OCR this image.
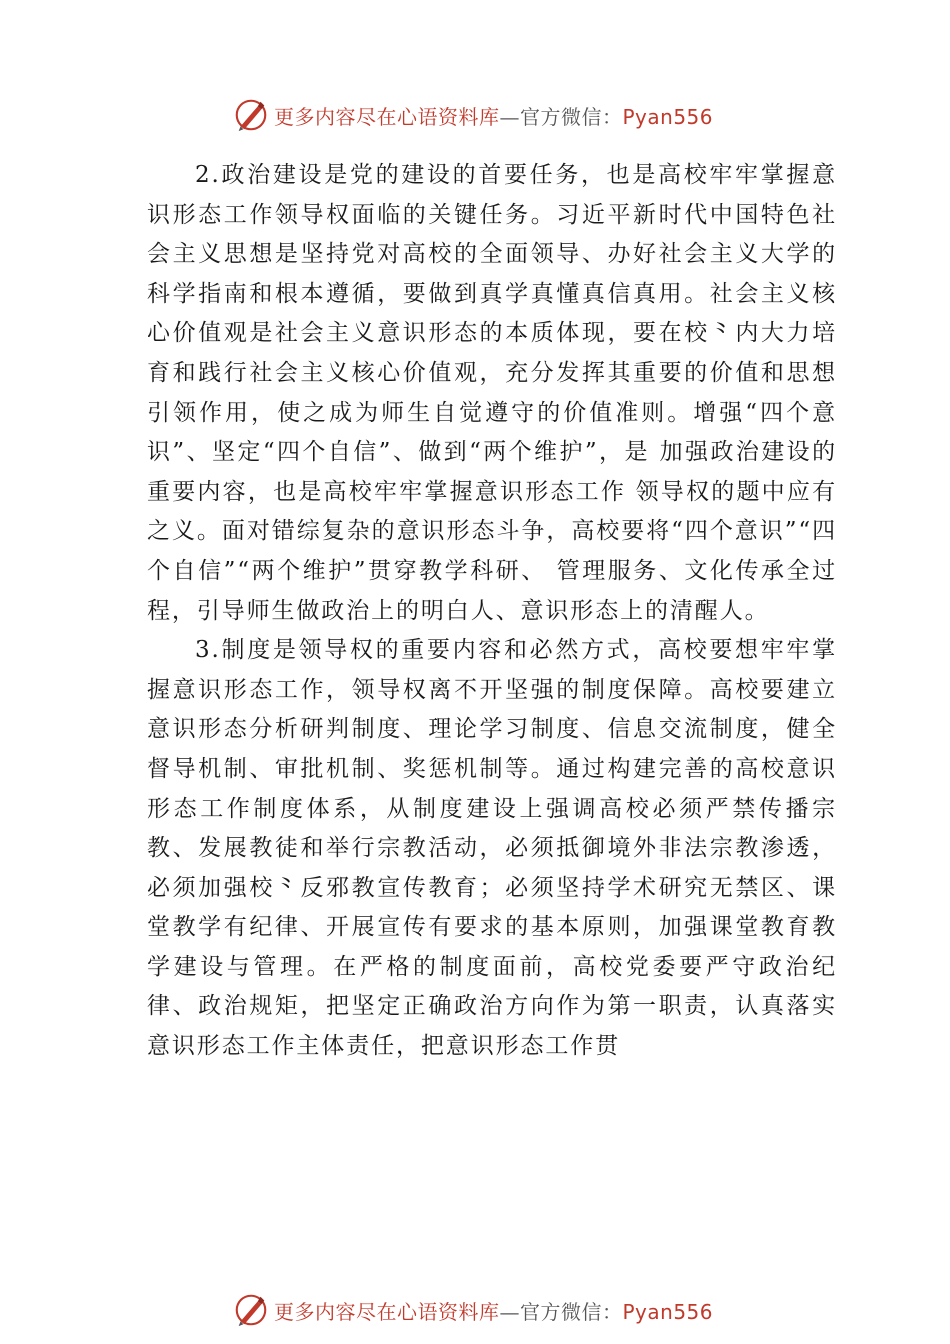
更多内容尽在心语资料库—官方微信：Pyan556

2.政治建设是党的建设的首要任务，也是高校牢牢掌握意识形态工作领导权面临的关键任务。习近平新时代中国特色社会主义思想是坚持党对高校的全面领导、办好社会主义大学的科学指南和根本遵循，要做到真学真懂真信真用。社会主义核心价值观是社会主义意识形态的本质体现，要在校⺀内大力培育和践行社会主义核心价值观，充分发挥其重要的价值和思想引领作用，使之成为师生自觉遵守的价值准则。增强“四个意识”、坚定“四个自信”、做到“两个维护”，是 加强政治建设的重要内容，也是高校牢牢掌握意识形态工作 领导权的题中应有之义。面对错综复杂的意识形态斗争，高校要将“四个意识”“四个自信”“两个维护”贯穿教学科研、 管理服务、文化传承全过程，引导师生做政治上的明白人、意识形态上的清醒人。

3.制度是领导权的重要内容和必然方式，高校要想牢牢掌握意识形态工作，领导权离不开坚强的制度保障。高校要建立意识形态分析研判制度、理论学习制度、信息交流制度，健全督导机制、审批机制、奖惩机制等。通过构建完善的高校意识形态工作制度体系，从制度建设上强调高校必须严禁传播宗教、发展教徒和举行宗教活动，必须抵御境外非法宗教渗透，必须加强校⺀反邪教宣传教育；必须坚持学术研究无禁区、课堂教学有纪律、开展宣传有要求的基本原则，加强课堂教育教学建设与管理。在严格的制度面前，高校党委要严守政治纪律、政治规矩，把坚定正确政治方向作为第一职责，认真落实意识形态工作主体责任，把意识形态工作贯

更多内容尽在心语资料库—官方微信：Pyan556
